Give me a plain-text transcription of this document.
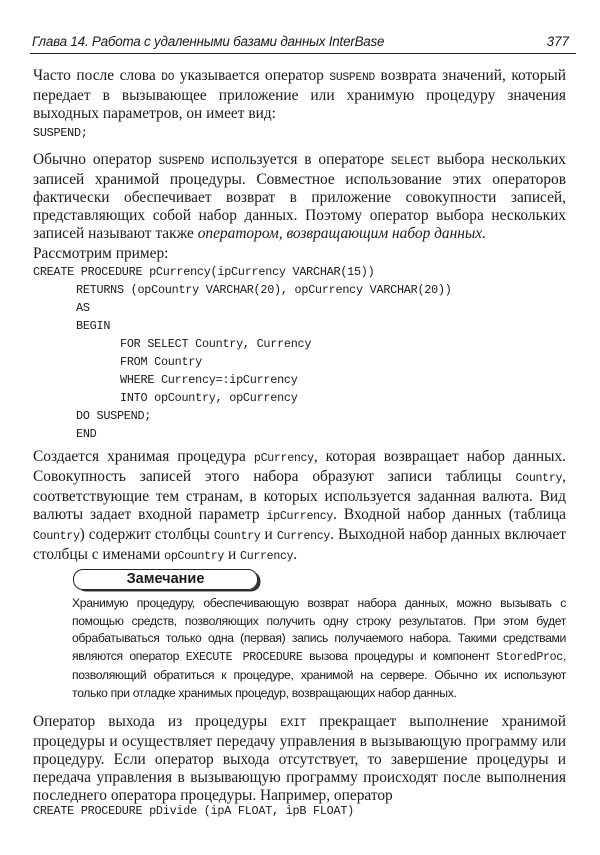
Глава 14. Работа с удаленными базами данных InterBase	377
Часто после слова DO указывается оператор SUSPEND возврата значений, который передает в вызывающее приложение или хранимую процедуру значения выходных параметров, он имеет вид:
SUSPEND;
Обычно оператор SUSPEND используется в операторе SELECT выбора нескольких записей хранимой процедуры. Совместное использование этих операторов фактически обеспечивает возврат в приложение совокупности записей, представляющих собой набор данных. Поэтому оператор выбора нескольких записей называют также оператором, возвращающим набор данных.
Рассмотрим пример:
CREATE PROCEDURE pCurrency(ipCurrency VARCHAR(15))
RETURNS (opCountry VARCHAR(20), opCurrency VARCHAR(20))
AS
BEGIN
FOR SELECT Country, Currency
FROM Country
WHERE Currency=:ipCurrency
INTO opCountry, opCurrency
DO SUSPEND;
END
Создается хранимая процедура pCurrency, которая возвращает набор данных. Совокупность записей этого набора образуют записи таблицы Country, соответствующие тем странам, в которых используется заданная валюта. Вид валюты задает входной параметр ipCurrency. Входной набор данных (таблица Country) содержит столбцы Country и Currency. Выходной набор данных включает столбцы с именами opCountry и Currency.
Замечание
Хранимую процедуру, обеспечивающую возврат набора данных, можно вызывать с помощью средств, позволяющих получить одну строку результатов. При этом будет обрабатываться только одна (первая) запись получаемого набора. Такими средствами являются оператор EXECUTE PROCEDURE вызова процедуры и компонент StoredProc, позволяющий обратиться к процедуре, хранимой на сервере. Обычно их используют только при отладке хранимых процедур, возвращающих набор данных.
Оператор выхода из процедуры EXIT прекращает выполнение хранимой процедуры и осуществляет передачу управления в вызывающую программу или процедуру. Если оператор выхода отсутствует, то завершение процедуры и передача управления в вызывающую программу происходят после выполнения последнего оператора процедуры. Например, оператор
CREATE PROCEDURE pDivide (ipA FLOAT, ipB FLOAT)
